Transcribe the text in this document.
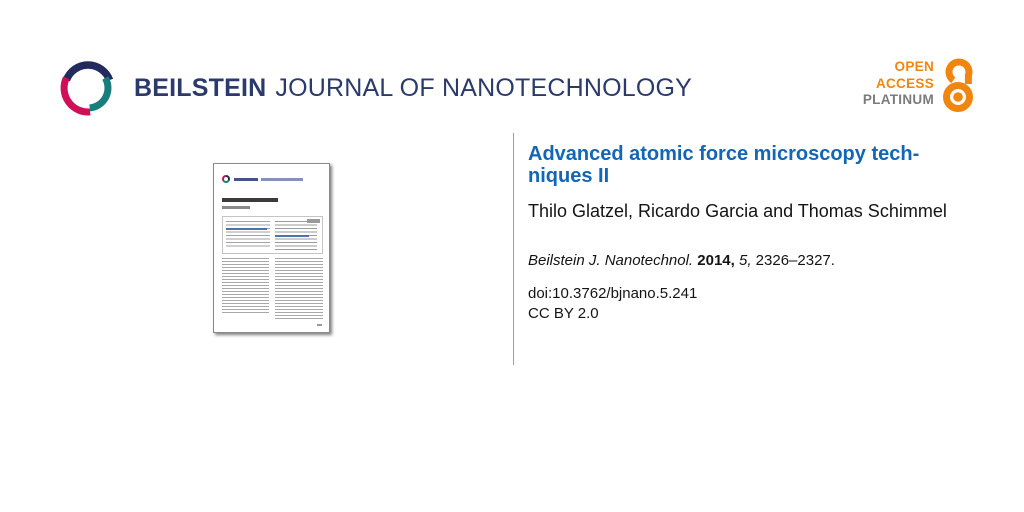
BEILSTEIN JOURNAL OF NANOTECHNOLOGY
OPEN
ACCESS
PLATINUM
Advanced atomic force microscopy tech-
niques II
Thilo Glatzel, Ricardo Garcia and Thomas Schimmel
Beilstein J. Nanotechnol. 2014, 5, 2326–2327.
doi:10.3762/bjnano.5.241
CC BY 2.0
